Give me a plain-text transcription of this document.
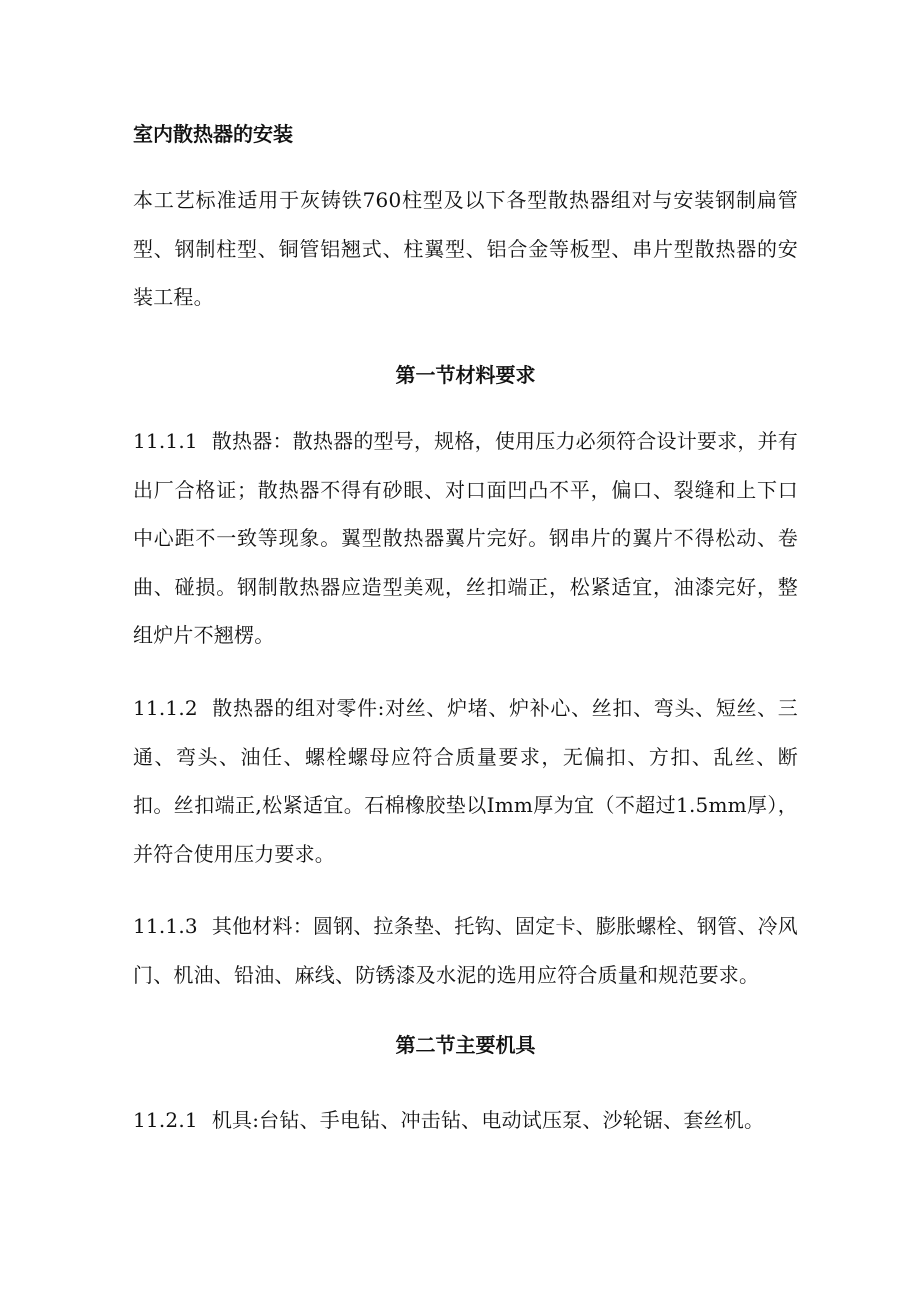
室内散热器的安装

本工艺标准适用于灰铸铁760柱型及以下各型散热器组对与安装钢制扁管型、钢制柱型、铜管铝翘式、柱翼型、铝合金等板型、串片型散热器的安装工程。

第一节材料要求

11.1.1 散热器：散热器的型号，规格，使用压力必须符合设计要求，并有出厂合格证；散热器不得有砂眼、对口面凹凸不平，偏口、裂缝和上下口中心距不一致等现象。翼型散热器翼片完好。钢串片的翼片不得松动、卷曲、碰损。钢制散热器应造型美观，丝扣端正，松紧适宜，油漆完好，整组炉片不翘楞。

11.1.2 散热器的组对零件:对丝、炉堵、炉补心、丝扣、弯头、短丝、三通、弯头、油任、螺栓螺母应符合质量要求，无偏扣、方扣、乱丝、断扣。丝扣端正,松紧适宜。石棉橡胶垫以Imm厚为宜（不超过1.5mm厚），并符合使用压力要求。

11.1.3 其他材料：圆钢、拉条垫、托钩、固定卡、膨胀螺栓、钢管、冷风门、机油、铅油、麻线、防锈漆及水泥的选用应符合质量和规范要求。

第二节主要机具

11.2.1 机具:台钻、手电钻、冲击钻、电动试压泵、沙轮锯、套丝机。
